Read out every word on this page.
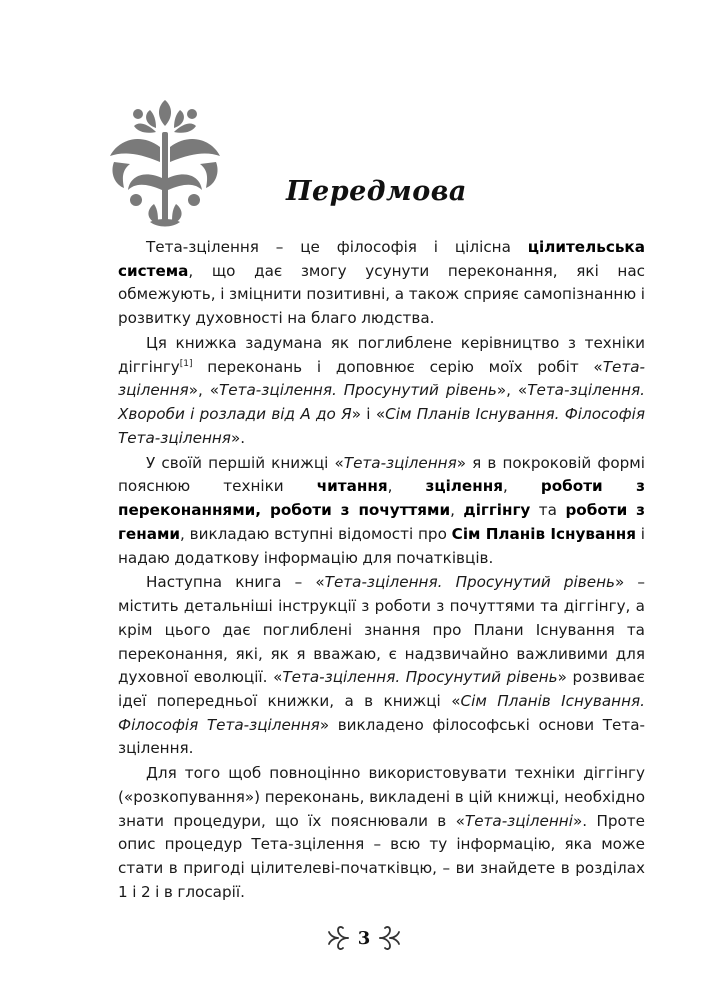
Передмова

Тета-зцілення – це філософія і цілісна цілительська система, що дає змогу усунути переконання, які нас обмежують, і зміцнити позитивні, а також сприяє самопізнанню і розвитку духовності на благо людства.

Ця книжка задумана як поглиблене керівництво з техніки діггінгу[1] переконань і доповнює серію моїх робіт «Тета-зцілення», «Тета-зцілення. Просунутий рівень», «Тета-зцілення. Хвороби і розлади від А до Я» і «Сім Планів Існування. Філософія Тета-зцілення».

У своїй першій книжці «Тета-зцілення» я в покроковій формі пояснюю техніки читання, зцілення, роботи з переконаннями, роботи з почуттями, діггінгу та роботи з генами, викладаю вступні відомості про Сім Планів Існування і надаю додаткову інформацію для початківців.

Наступна книга – «Тета-зцілення. Просунутий рівень» – містить детальніші інструкції з роботи з почуттями та діггінгу, а крім цього дає поглиблені знання про Плани Існування та переконання, які, як я вважаю, є надзвичайно важливими для духовної еволюції. «Тета-зцілення. Просунутий рівень» розвиває ідеї попередньої книжки, а в книжці «Сім Планів Існування. Філософія Тета-зцілення» викладено філософські основи Тета-зцілення.

Для того щоб повноцінно використовувати техніки діггінгу («розкопування») переконань, викладені в цій книжці, необхідно знати процедури, що їх пояснювали в «Тета-зціленні». Проте опис процедур Тета-зцілення – всю ту інформацію, яка може стати в пригоді цілителеві-початківцю, – ви знайдете в розділах 1 і 2 і в глосарії.

3
